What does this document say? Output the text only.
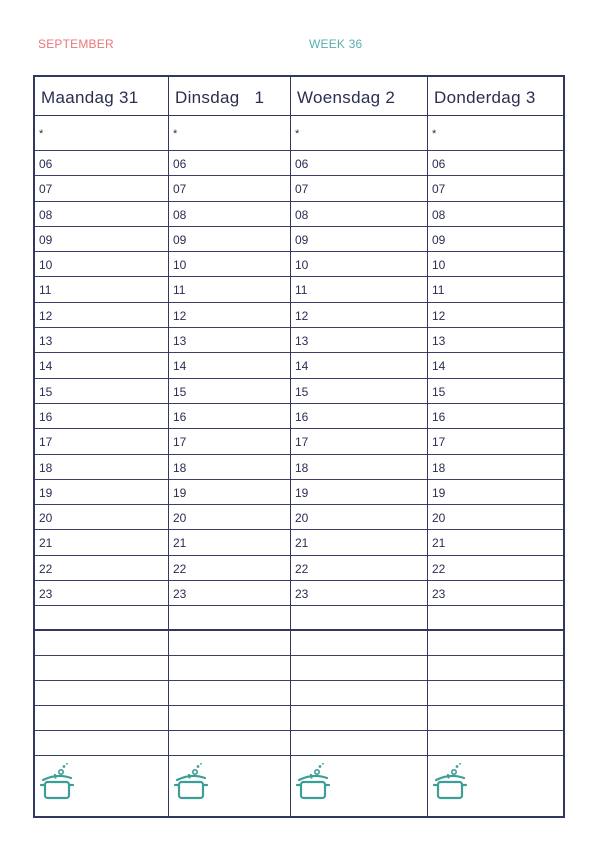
SEPTEMBER	WEEK 36
Maandag 31
*
06
07
08
09
10
11
12
13
14
15
16
17
18
19
20
21
22
23
Dinsdag   1
*
06
07
08
09
10
11
12
13
14
15
16
17
18
19
20
21
22
23
Woensdag 2
*
06
07
08
09
10
11
12
13
14
15
16
17
18
19
20
21
22
23
Donderdag 3
*
06
07
08
09
10
11
12
13
14
15
16
17
18
19
20
21
22
23
